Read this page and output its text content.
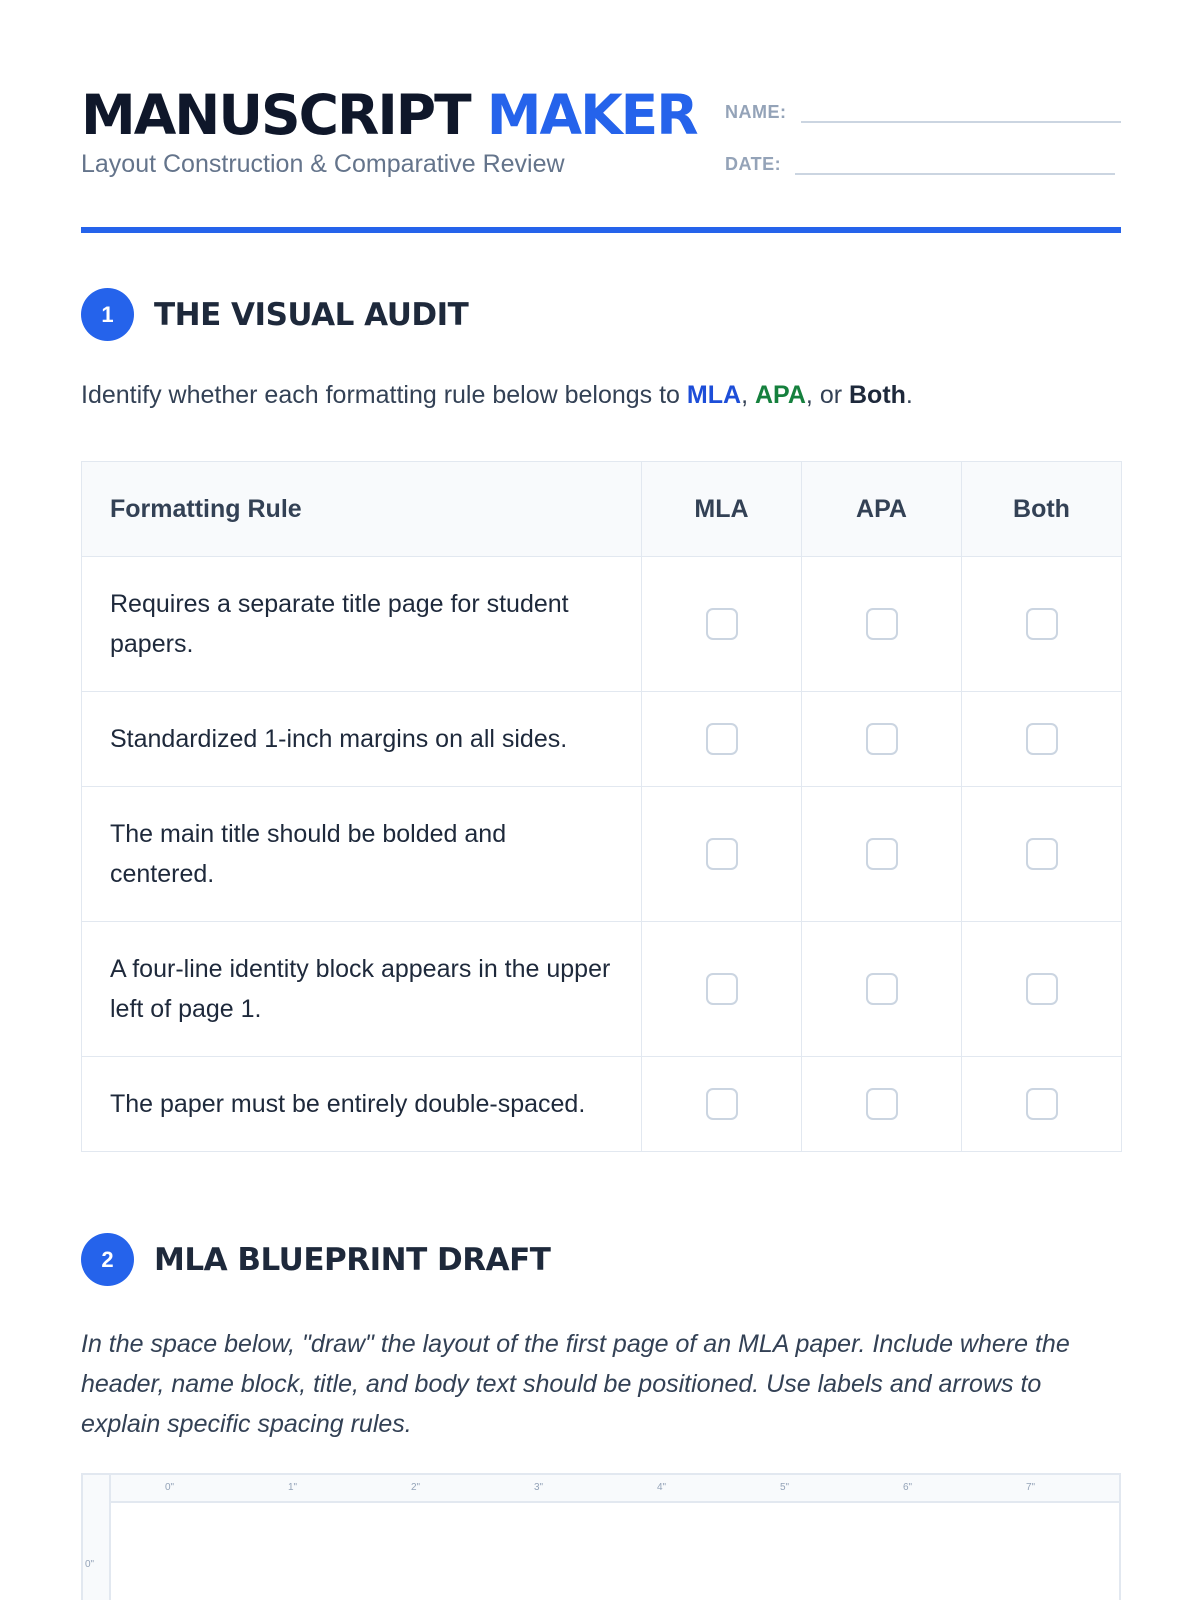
MANUSCRIPT MAKER
Layout Construction & Comparative Review
NAME:
DATE:
1	THE VISUAL AUDIT
Identify whether each formatting rule below belongs to MLA, APA, or Both.
Formatting Rule	MLA	APA	Both
Requires a separate title page for student papers.			
Standardized 1-inch margins on all sides.			
The main title should be bolded and centered.			
A four-line identity block appears in the upper left of page 1.			
The paper must be entirely double-spaced.			
2	MLA BLUEPRINT DRAFT
In the space below, "draw" the layout of the first page of an MLA paper. Include where the header, name block, title, and body text should be positioned. Use labels and arrows to explain specific spacing rules.
0"
0"	1"	2"	3"	4"	5"	6"	7"
